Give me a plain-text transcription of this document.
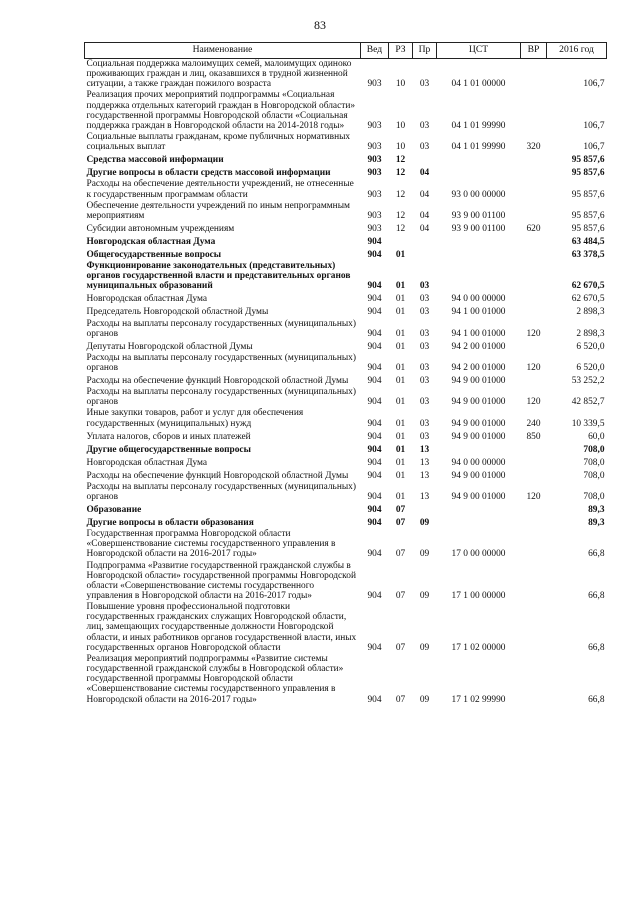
83
Наименование	Вед	РЗ	Пр	ЦСТ	ВР	2016 год
Социальная поддержка малоимущих семей, малоимущих одиноко проживающих граждан и лиц, оказавшихся в трудной жизненной ситуации, а также граждан пожилого возраста	903	10	03	04 1 01 00000		106,7
Реализация прочих мероприятий подпрограммы «Социальная поддержка отдельных категорий граждан в Новгородской области» государственной программы Новгородской области «Социальная поддержка граждан в Новгородской области на 2014-2018 годы»	903	10	03	04 1 01 99990		106,7
Социальные выплаты гражданам, кроме публичных нормативных социальных выплат	903	10	03	04 1 01 99990	320	106,7
Средства массовой информации	903	12				95 857,6
Другие вопросы в области средств массовой информации	903	12	04			95 857,6
Расходы на обеспечение деятельности учреждений, не отнесенные к государственным программам области	903	12	04	93 0 00 00000		95 857,6
Обеспечение деятельности учреждений по иным непрограммным мероприятиям	903	12	04	93 9 00 01100		95 857,6
Субсидии автономным учреждениям	903	12	04	93 9 00 01100	620	95 857,6
Новгородская областная Дума	904					63 484,5
Общегосударственные вопросы	904	01				63 378,5
Функционирование законодательных (представительных) органов государственной власти и представительных органов муниципальных образований	904	01	03			62 670,5
Новгородская областная Дума	904	01	03	94 0 00 00000		62 670,5
Председатель Новгородской областной Думы	904	01	03	94 1 00 01000		2 898,3
Расходы на выплаты персоналу государственных (муниципальных) органов	904	01	03	94 1 00 01000	120	2 898,3
Депутаты Новгородской областной Думы	904	01	03	94 2 00 01000		6 520,0
Расходы на выплаты персоналу государственных (муниципальных) органов	904	01	03	94 2 00 01000	120	6 520,0
Расходы на обеспечение функций Новгородской областной Думы	904	01	03	94 9 00 01000		53 252,2
Расходы на выплаты персоналу государственных (муниципальных) органов	904	01	03	94 9 00 01000	120	42 852,7
Иные закупки товаров, работ и услуг для обеспечения государственных (муниципальных) нужд	904	01	03	94 9 00 01000	240	10 339,5
Уплата налогов, сборов и иных платежей	904	01	03	94 9 00 01000	850	60,0
Другие общегосударственные вопросы	904	01	13			708,0
Новгородская областная Дума	904	01	13	94 0 00 00000		708,0
Расходы на обеспечение функций Новгородской областной Думы	904	01	13	94 9 00 01000		708,0
Расходы на выплаты персоналу государственных (муниципальных) органов	904	01	13	94 9 00 01000	120	708,0
Образование	904	07				89,3
Другие вопросы в области образования	904	07	09			89,3
Государственная программа Новгородской области «Совершенствование системы государственного управления в Новгородской области на 2016-2017 годы»	904	07	09	17 0 00 00000		66,8
Подпрограмма «Развитие государственной гражданской службы в Новгородской области» государственной программы Новгородской области «Совершенствование системы государственного управления в Новгородской области на 2016-2017 годы»	904	07	09	17 1 00 00000		66,8
Повышение уровня профессиональной подготовки государственных гражданских служащих Новгородской области, лиц, замещающих государственные должности Новгородской области, и иных работников органов государственной власти, иных государственных органов Новгородской области	904	07	09	17 1 02 00000		66,8
Реализация мероприятий подпрограммы «Развитие системы государственной гражданской службы в Новгородской области» государственной программы Новгородской области «Совершенствование системы государственного управления в Новгородской области на 2016-2017 годы»	904	07	09	17 1 02 99990		66,8
